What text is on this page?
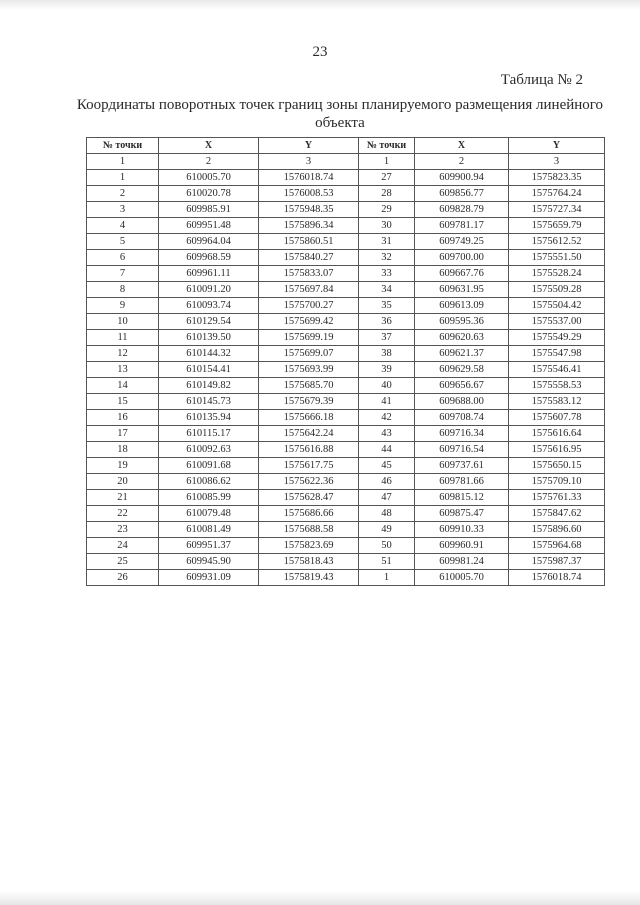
23
Таблица № 2
Координаты поворотных точек границ зоны планируемого размещения линейного объекта
№ точки	X	Y	№ точки	X	Y
1	2	3	1	2	3
1	610005.70	1576018.74	27	609900.94	1575823.35
2	610020.78	1576008.53	28	609856.77	1575764.24
3	609985.91	1575948.35	29	609828.79	1575727.34
4	609951.48	1575896.34	30	609781.17	1575659.79
5	609964.04	1575860.51	31	609749.25	1575612.52
6	609968.59	1575840.27	32	609700.00	1575551.50
7	609961.11	1575833.07	33	609667.76	1575528.24
8	610091.20	1575697.84	34	609631.95	1575509.28
9	610093.74	1575700.27	35	609613.09	1575504.42
10	610129.54	1575699.42	36	609595.36	1575537.00
11	610139.50	1575699.19	37	609620.63	1575549.29
12	610144.32	1575699.07	38	609621.37	1575547.98
13	610154.41	1575693.99	39	609629.58	1575546.41
14	610149.82	1575685.70	40	609656.67	1575558.53
15	610145.73	1575679.39	41	609688.00	1575583.12
16	610135.94	1575666.18	42	609708.74	1575607.78
17	610115.17	1575642.24	43	609716.34	1575616.64
18	610092.63	1575616.88	44	609716.54	1575616.95
19	610091.68	1575617.75	45	609737.61	1575650.15
20	610086.62	1575622.36	46	609781.66	1575709.10
21	610085.99	1575628.47	47	609815.12	1575761.33
22	610079.48	1575686.66	48	609875.47	1575847.62
23	610081.49	1575688.58	49	609910.33	1575896.60
24	609951.37	1575823.69	50	609960.91	1575964.68
25	609945.90	1575818.43	51	609981.24	1575987.37
26	609931.09	1575819.43	1	610005.70	1576018.74
